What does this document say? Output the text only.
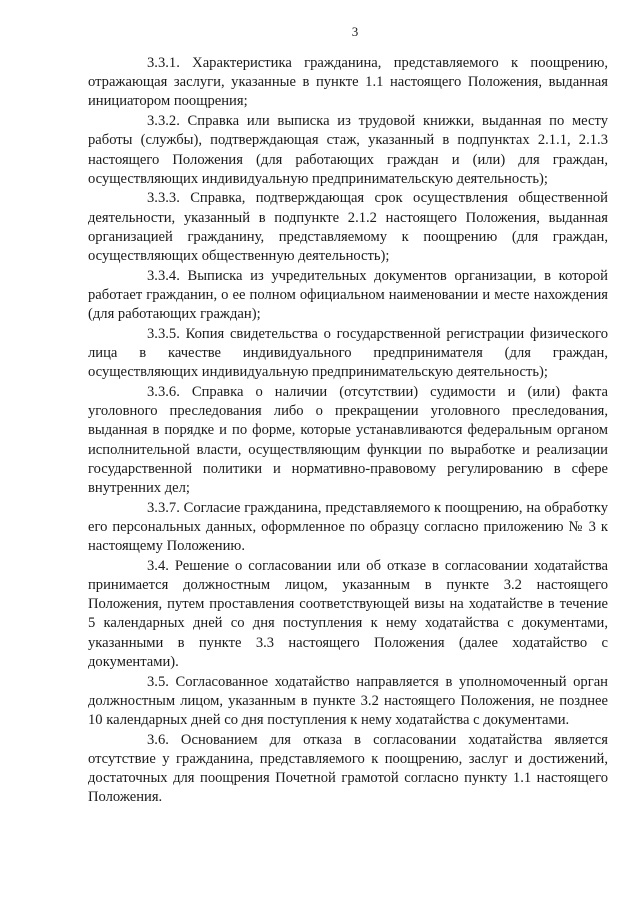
3

3.3.1. Характеристика гражданина, представляемого к поощрению, отражающая заслуги, указанные в пункте 1.1 настоящего Положения, выданная инициатором поощрения;

3.3.2. Справка или выписка из трудовой книжки, выданная по месту работы (службы), подтверждающая стаж, указанный в подпунктах 2.1.1, 2.1.3 настоящего Положения (для работающих граждан и (или) для граждан, осуществляющих индивидуальную предпринимательскую деятельность);

3.3.3. Справка, подтверждающая срок осуществления общественной деятельности, указанный в подпункте 2.1.2 настоящего Положения, выданная организацией гражданину, представляемому к поощрению (для граждан, осуществляющих общественную деятельность);

3.3.4. Выписка из учредительных документов организации, в которой работает гражданин, о ее полном официальном наименовании и месте нахождения (для работающих граждан);

3.3.5. Копия свидетельства о государственной регистрации физического лица в качестве индивидуального предпринимателя (для граждан, осуществляющих индивидуальную предпринимательскую деятельность);

3.3.6. Справка о наличии (отсутствии) судимости и (или) факта уголовного преследования либо о прекращении уголовного преследования, выданная в порядке и по форме, которые устанавливаются федеральным органом исполнительной власти, осуществляющим функции по выработке и реализации государственной политики и нормативно-правовому регулированию в сфере внутренних дел;

3.3.7. Согласие гражданина, представляемого к поощрению, на обработку его персональных данных, оформленное по образцу согласно приложению № 3 к настоящему Положению.

3.4. Решение о согласовании или об отказе в согласовании ходатайства принимается должностным лицом, указанным в пункте 3.2 настоящего Положения, путем проставления соответствующей визы на ходатайстве в течение 5 календарных дней со дня поступления к нему ходатайства с документами, указанными в пункте 3.3 настоящего Положения (далее ходатайство с документами).

3.5. Согласованное ходатайство направляется в уполномоченный орган должностным лицом, указанным в пункте 3.2 настоящего Положения, не позднее 10 календарных дней со дня поступления к нему ходатайства с документами.

3.6. Основанием для отказа в согласовании ходатайства является отсутствие у гражданина, представляемого к поощрению, заслуг и достижений, достаточных для поощрения Почетной грамотой согласно пункту 1.1 настоящего Положения.
